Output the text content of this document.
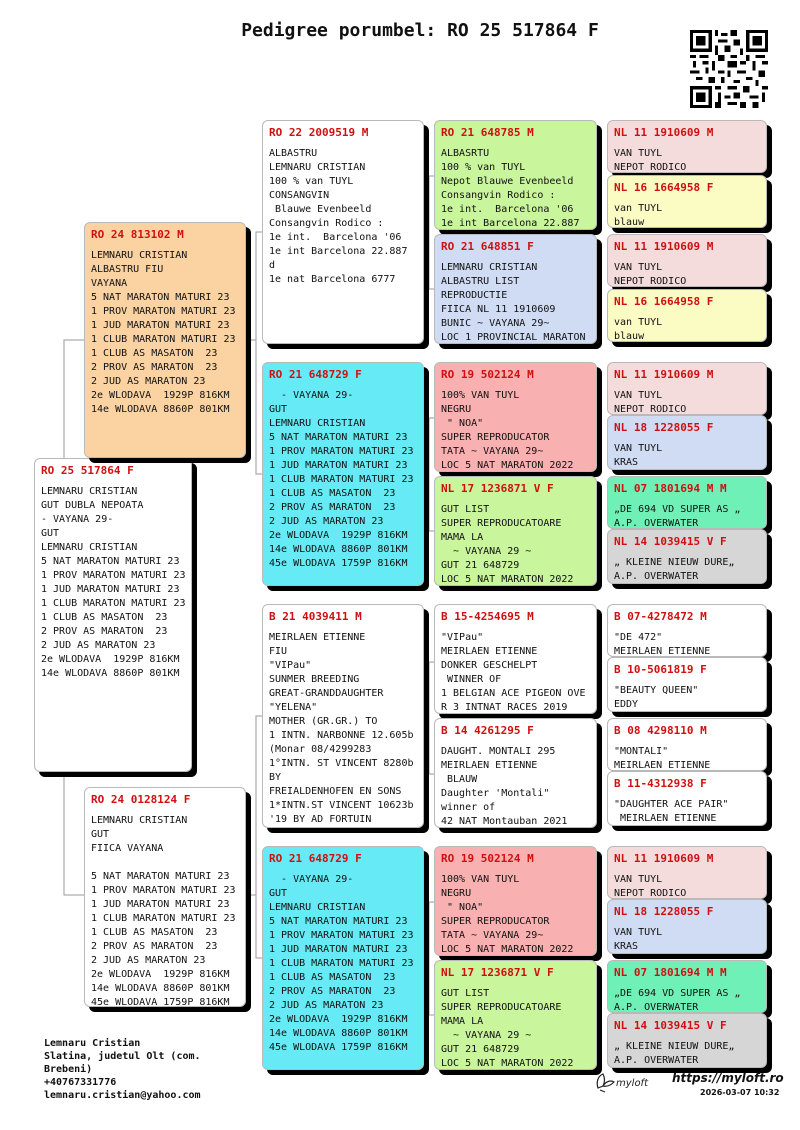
Pedigree porumbel: RO 25 517864 F
RO 25 517864 F
LEMNARU CRISTIAN
GUT DUBLA NEPOATA
- VAYANA 29-
GUT
LEMNARU CRISTIAN
5 NAT MARATON MATURI 23
1 PROV MARATON MATURI 23
1 JUD MARATON MATURI 23
1 CLUB MARATON MATURI 23
1 CLUB AS MASATON  23
2 PROV AS MARATON  23
2 JUD AS MARATON 23
2e WLODAVA  1929P 816KM
14e WLODAVA 8860P 801KM
RO 24 813102 M
LEMNARU CRISTIAN
ALBASTRU FIU
VAYANA
5 NAT MARATON MATURI 23
1 PROV MARATON MATURI 23
1 JUD MARATON MATURI 23
1 CLUB MARATON MATURI 23
1 CLUB AS MASATON  23
2 PROV AS MARATON  23
2 JUD AS MARATON 23
2e WLODAVA  1929P 816KM
14e WLODAVA 8860P 801KM
RO 24 0128124 F
LEMNARU CRISTIAN
GUT
FIICA VAYANA

5 NAT MARATON MATURI 23
1 PROV MARATON MATURI 23
1 JUD MARATON MATURI 23
1 CLUB MARATON MATURI 23
1 CLUB AS MASATON  23
2 PROV AS MARATON  23
2 JUD AS MARATON 23
2e WLODAVA  1929P 816KM
14e WLODAVA 8860P 801KM
45e WLODAVA 1759P 816KM
RO 22 2009519 M
ALBASTRU
LEMNARU CRISTIAN
100 % van TUYL
CONSANGVIN
Blauwe Evenbeeld
Consangvin Rodico :
1e int.  Barcelona '06
1e int Barcelona 22.887
d
1e nat Barcelona 6777
RO 21 648729 F
- VAYANA 29-
GUT
LEMNARU CRISTIAN
5 NAT MARATON MATURI 23
1 PROV MARATON MATURI 23
1 JUD MARATON MATURI 23
1 CLUB MARATON MATURI 23
1 CLUB AS MASATON  23
2 PROV AS MARATON  23
2 JUD AS MARATON 23
2e WLODAVA  1929P 816KM
14e WLODAVA 8860P 801KM
45e WLODAVA 1759P 816KM
B 21 4039411 M
MEIRLAEN ETIENNE
FIU
"VIPau"
SUNMER BREEDING
GREAT-GRANDDAUGHTER
"YELENA"
MOTHER (GR.GR.) TO
1 INTN. NARBONNE 12.605b
(Monar 08/4299283
1°INTN. ST VINCENT 8280b
BY
FREIALDENHOFEN EN SONS
1*INTN.ST VINCENT 10623b
'19 BY AD FORTUIN
RO 21 648729 F
- VAYANA 29-
GUT
LEMNARU CRISTIAN
5 NAT MARATON MATURI 23
1 PROV MARATON MATURI 23
1 JUD MARATON MATURI 23
1 CLUB MARATON MATURI 23
1 CLUB AS MASATON  23
2 PROV AS MARATON  23
2 JUD AS MARATON 23
2e WLODAVA  1929P 816KM
14e WLODAVA 8860P 801KM
45e WLODAVA 1759P 816KM
RO 21 648785 M
ALBASRTU
100 % van TUYL
Nepot Blauwe Evenbeeld
Consangvin Rodico :
1e int.  Barcelona '06
1e int Barcelona 22.887
RO 21 648851 F
LEMNARU CRISTIAN
ALBASTRU LIST
REPRODUCTIE
FIICA NL 11 1910609
BUNIC ~ VAYANA 29~
LOC 1 PROVINCIAL MARATON
RO 19 502124 M
100% VAN TUYL
NEGRU
" NOA"
SUPER REPRODUCATOR
TATA ~ VAYANA 29~
LOC 5 NAT MARATON 2022
NL 17 1236871 V F
GUT LIST
SUPER REPRODUCATOARE
MAMA LA
~ VAYANA 29 ~
GUT 21 648729
LOC 5 NAT MARATON 2022
B 15-4254695 M
"VIPau"
MEIRLAEN ETIENNE
DONKER GESCHELPT
WINNER OF
1 BELGIAN ACE PIGEON OVE
R 3 INTNAT RACES 2019
B 14 4261295 F
DAUGHT. MONTALI 295
MEIRLAEN ETIENNE
BLAUW
Daughter 'Montali"
winner of
42 NAT Montauban 2021
RO 19 502124 M
100% VAN TUYL
NEGRU
" NOA"
SUPER REPRODUCATOR
TATA ~ VAYANA 29~
LOC 5 NAT MARATON 2022
NL 17 1236871 V F
GUT LIST
SUPER REPRODUCATOARE
MAMA LA
~ VAYANA 29 ~
GUT 21 648729
LOC 5 NAT MARATON 2022
NL 11 1910609 M
VAN TUYL
NEPOT RODICO
NL 16 1664958 F
van TUYL
blauw
NL 11 1910609 M
VAN TUYL
NEPOT RODICO
NL 16 1664958 F
van TUYL
blauw
NL 11 1910609 M
VAN TUYL
NEPOT RODICO
NL 18 1228055 F
VAN TUYL
KRAS
NL 07 1801694 M M
„DE 694 VD SUPER AS „
A.P. OVERWATER
NL 14 1039415 V F
„ KLEINE NIEUW DURE„
A.P. OVERWATER
B 07-4278472 M
"DE 472"
MEIRLAEN ETIENNE
B 10-5061819 F
"BEAUTY QUEEN"
EDDY
B 08 4298110 M
"MONTALI"
MEIRLAEN ETIENNE
B 11-4312938 F
"DAUGHTER ACE PAIR"
MEIRLAEN ETIENNE
NL 11 1910609 M
VAN TUYL
NEPOT RODICO
NL 18 1228055 F
VAN TUYL
KRAS
NL 07 1801694 M M
„DE 694 VD SUPER AS „
A.P. OVERWATER
NL 14 1039415 V F
„ KLEINE NIEUW DURE„
A.P. OVERWATER
Lemnaru Cristian
Slatina, judetul Olt (com.
Brebeni)
+40767331776
lemnaru.cristian@yahoo.com
myloft https://myloft.ro
2026-03-07 10:32
